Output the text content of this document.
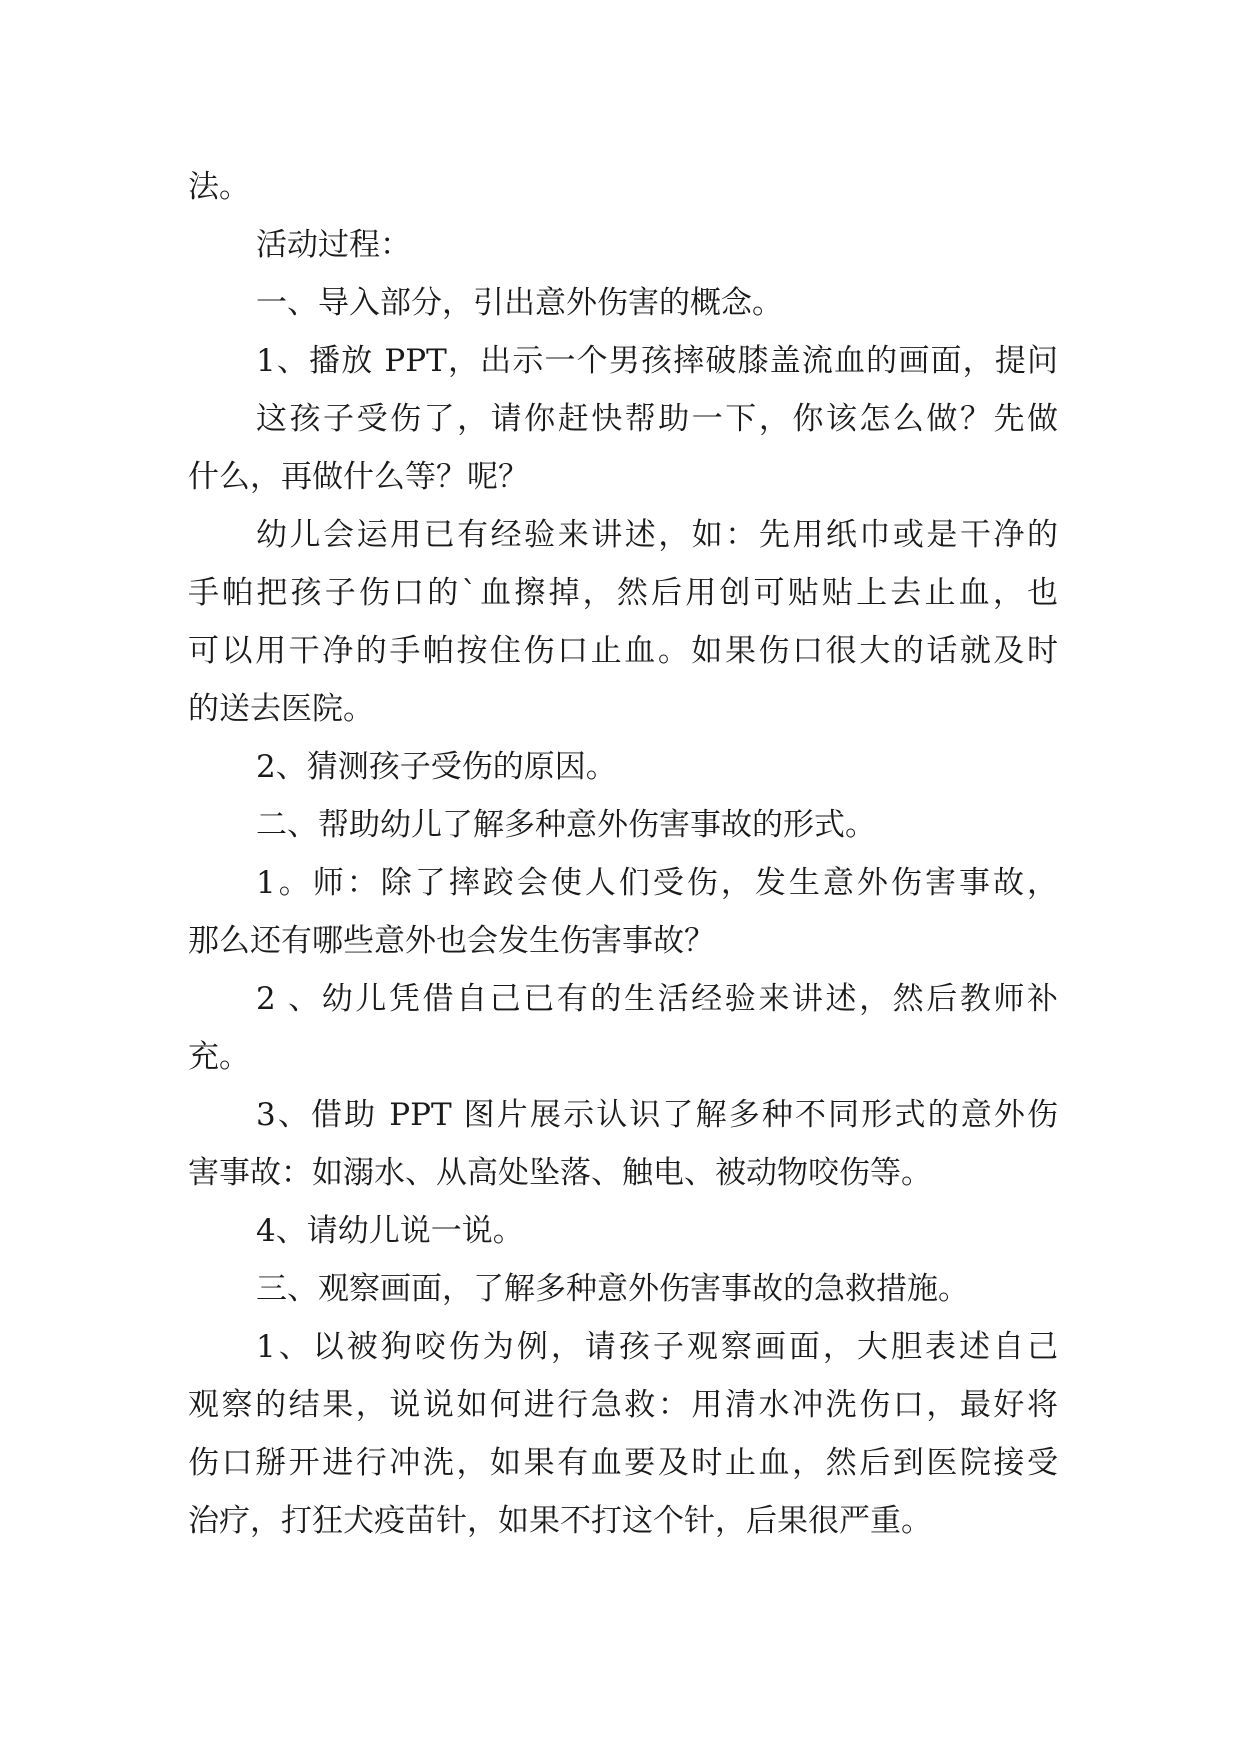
法。
活动过程：
一、导入部分，引出意外伤害的概念。
1、播放 PPT，出示一个男孩摔破膝盖流血的画面，提问
这孩子受伤了，请你赶快帮助一下，你该怎么做？先做
什么，再做什么等？呢？
幼儿会运用已有经验来讲述，如：先用纸巾或是干净的
手帕把孩子伤口的`血擦掉，然后用创可贴贴上去止血，也
可以用干净的手帕按住伤口止血。如果伤口很大的话就及时
的送去医院。
2、猜测孩子受伤的原因。
二、帮助幼儿了解多种意外伤害事故的形式。
1。师：除了摔跤会使人们受伤，发生意外伤害事故，
那么还有哪些意外也会发生伤害事故？
2 、幼儿凭借自己已有的生活经验来讲述，然后教师补
充。
3、借助 PPT 图片展示认识了解多种不同形式的意外伤
害事故：如溺水、从高处坠落、触电、被动物咬伤等。
4、请幼儿说一说。
三、观察画面，了解多种意外伤害事故的急救措施。
1、以被狗咬伤为例，请孩子观察画面，大胆表述自己
观察的结果，说说如何进行急救：用清水冲洗伤口，最好将
伤口掰开进行冲洗，如果有血要及时止血，然后到医院接受
治疗，打狂犬疫苗针，如果不打这个针，后果很严重。
